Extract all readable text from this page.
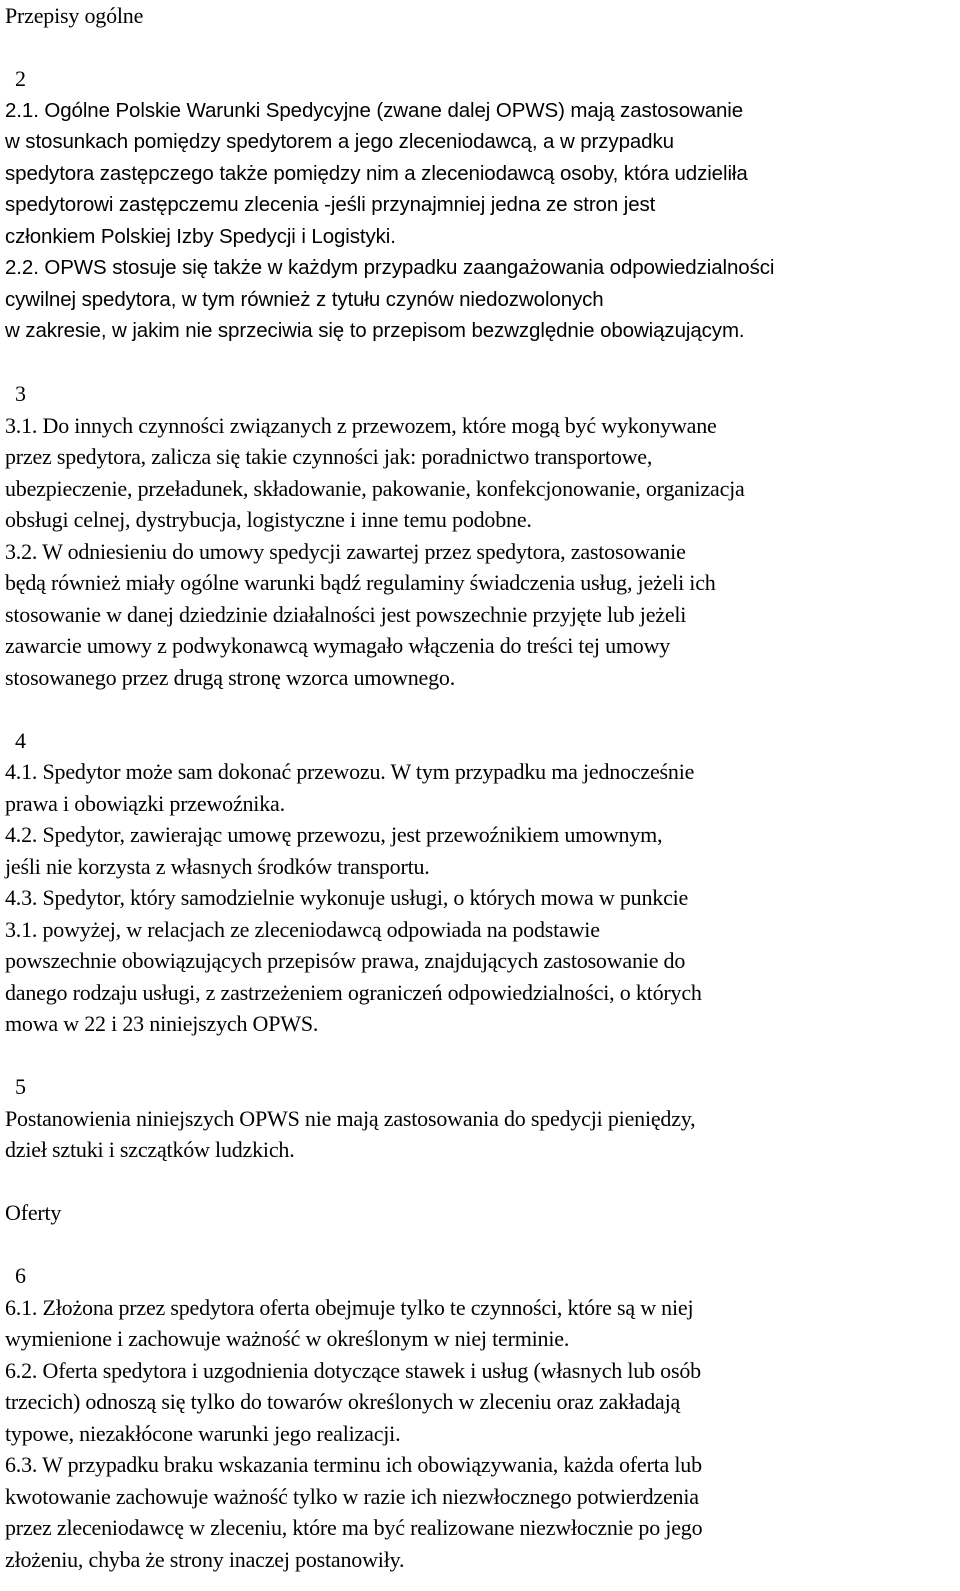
Przepisy ogólne
2
2.1. Ogólne Polskie Warunki Spedycyjne (zwane dalej OPWS) mają zastosowanie
w stosunkach pomiędzy spedytorem a jego zleceniodawcą, a w przypadku
spedytora zastępczego także pomiędzy nim a zleceniodawcą osoby, która udzieliła
spedytorowi zastępczemu zlecenia -jeśli przynajmniej jedna ze stron jest
członkiem Polskiej Izby Spedycji i Logistyki.
2.2. OPWS stosuje się także w każdym przypadku zaangażowania odpowiedzialności
cywilnej spedytora, w tym również z tytułu czynów niedozwolonych
w zakresie, w jakim nie sprzeciwia się to przepisom bezwzględnie obowiązującym.
3
3.1. Do innych czynności związanych z przewozem, które mogą być wykonywane
przez spedytora, zalicza się takie czynności jak: poradnictwo transportowe,
ubezpieczenie, przeładunek, składowanie, pakowanie, konfekcjonowanie, organizacja
obsługi celnej, dystrybucja, logistyczne i inne temu podobne.
3.2. W odniesieniu do umowy spedycji zawartej przez spedytora, zastosowanie
będą również miały ogólne warunki bądź regulaminy świadczenia usług, jeżeli ich
stosowanie w danej dziedzinie działalności jest powszechnie przyjęte lub jeżeli
zawarcie umowy z podwykonawcą wymagało włączenia do treści tej umowy
stosowanego przez drugą stronę wzorca umownego.
4
4.1. Spedytor może sam dokonać przewozu. W tym przypadku ma jednocześnie
prawa i obowiązki przewoźnika.
4.2. Spedytor, zawierając umowę przewozu, jest przewoźnikiem umownym,
jeśli nie korzysta z własnych środków transportu.
4.3. Spedytor, który samodzielnie wykonuje usługi, o których mowa w punkcie
3.1. powyżej, w relacjach ze zleceniodawcą odpowiada na podstawie
powszechnie obowiązujących przepisów prawa, znajdujących zastosowanie do
danego rodzaju usługi, z zastrzeżeniem ograniczeń odpowiedzialności, o których
mowa w 22 i 23 niniejszych OPWS.
5
Postanowienia niniejszych OPWS nie mają zastosowania do spedycji pieniędzy,
dzieł sztuki i szczątków ludzkich.
Oferty
6
6.1. Złożona przez spedytora oferta obejmuje tylko te czynności, które są w niej
wymienione i zachowuje ważność w określonym w niej terminie.
6.2. Oferta spedytora i uzgodnienia dotyczące stawek i usług (własnych lub osób
trzecich) odnoszą się tylko do towarów określonych w zleceniu oraz zakładają
typowe, niezakłócone warunki jego realizacji.
6.3. W przypadku braku wskazania terminu ich obowiązywania, każda oferta lub
kwotowanie zachowuje ważność tylko w razie ich niezwłocznego potwierdzenia
przez zleceniodawcę w zleceniu, które ma być realizowane niezwłocznie po jego
złożeniu, chyba że strony inaczej postanowiły.
